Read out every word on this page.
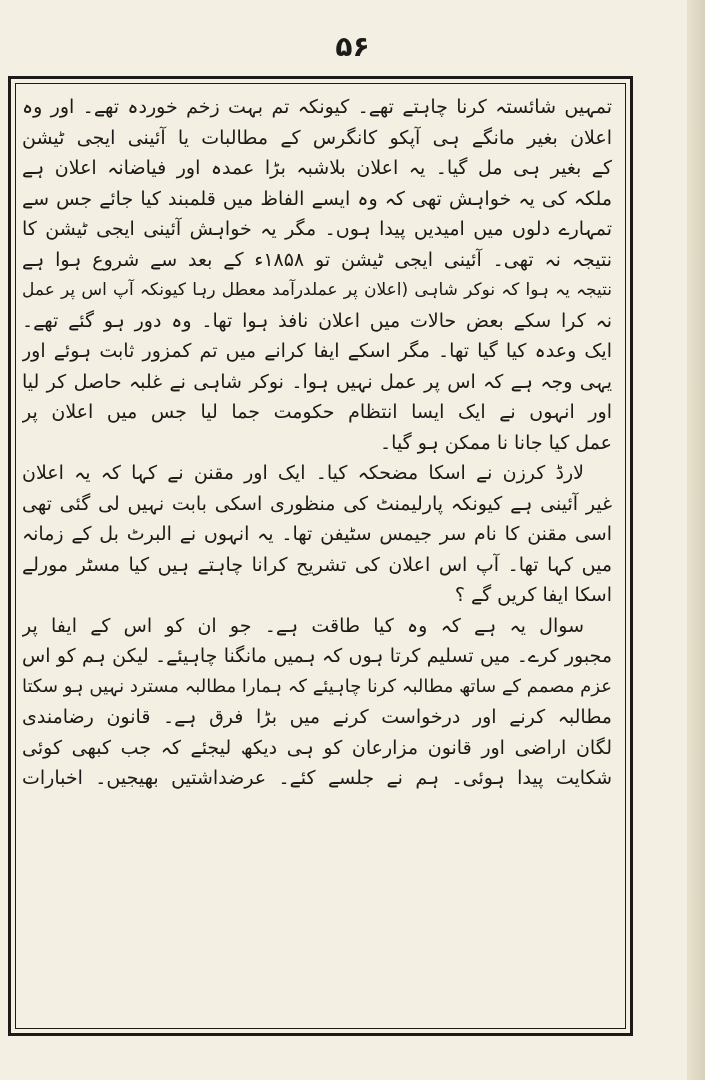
۵۶
تمہیں شائستہ کرنا چاہتے تھے۔ کیونکہ تم بہت زخم خوردہ تھے۔ اور وہ
اعلان بغیر مانگے ہی آپکو کانگرس کے مطالبات یا آئینی ایجی ٹیشن
کے بغیر ہی مل گیا۔ یہ اعلان بلاشبہ بڑا عمدہ اور فیاضانہ اعلان ہے
ملکہ کی یہ خواہش تھی کہ وہ ایسے الفاظ میں قلمبند کیا جائے جس سے
تمہارے دلوں میں امیدیں پیدا ہوں۔ مگر یہ خواہش آئینی ایجی ٹیشن کا
نتیجہ نہ تھی۔ آئینی ایجی ٹیشن تو ۱۸۵۸ء کے بعد سے شروع ہوا ہے
نتیجہ یہ ہوا کہ نوکر شاہی (اعلان پر عملدرآمد معطل رہا کیونکہ آپ اس پر عمل
نہ کرا سکے بعض حالات میں اعلان نافذ ہوا تھا۔ وہ دور ہو گئے تھے۔
ایک وعدہ کیا گیا تھا۔ مگر اسکے ایفا کرانے میں تم کمزور ثابت ہوئے اور
یہی وجہ ہے کہ اس پر عمل نہیں ہوا۔ نوکر شاہی نے غلبہ حاصل کر لیا
اور انہوں نے ایک ایسا انتظام حکومت جما لیا جس میں اعلان پر
عمل کیا جانا نا ممکن ہو گیا۔
لارڈ کرزن نے اسکا مضحکہ کیا۔ ایک اور مقنن نے کہا کہ یہ اعلان
غیر آئینی ہے کیونکہ پارلیمنٹ کی منظوری اسکی بابت نہیں لی گئی تھی
اسی مقنن کا نام سر جیمس سٹیفن تھا۔ یہ انہوں نے البرٹ بل کے زمانہ
میں کہا تھا۔ آپ اس اعلان کی تشریح کرانا چاہتے ہیں کیا مسٹر مورلے
اسکا ایفا کریں گے ؟
سوال یہ ہے کہ وہ کیا طاقت ہے۔ جو ان کو اس کے ایفا پر
مجبور کرے۔ میں تسلیم کرتا ہوں کہ ہمیں مانگنا چاہیئے۔ لیکن ہم کو اس
عزم مصمم کے ساتھ مطالبہ کرنا چاہیئے کہ ہمارا مطالبہ مسترد نہیں ہو سکتا
مطالبہ کرنے اور درخواست کرنے میں بڑا فرق ہے۔ قانون رضامندی
لگان اراضی اور قانون مزارعان کو ہی دیکھ لیجئے کہ جب کبھی کوئی
شکایت پیدا ہوئی۔ ہم نے جلسے کئے۔ عرضداشتیں بھیجیں۔ اخبارات
